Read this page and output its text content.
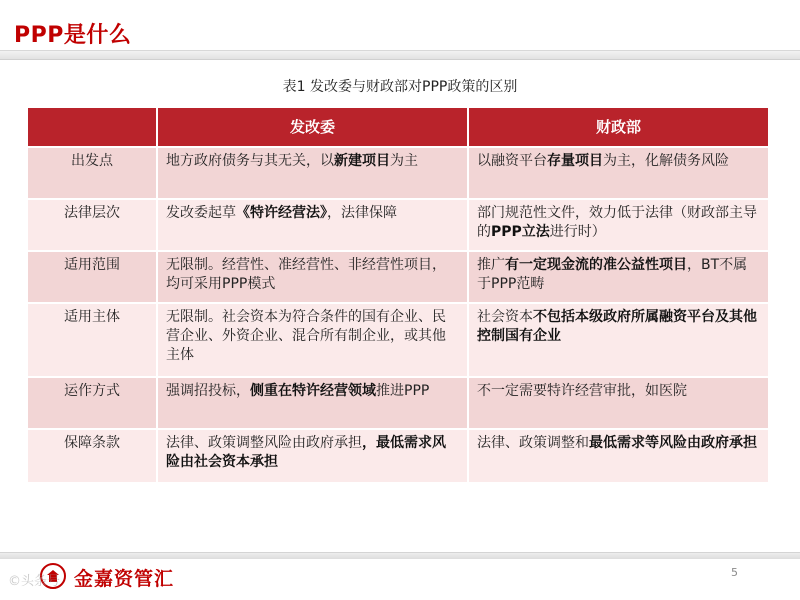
PPP是什么
表1 发改委与财政部对PPP政策的区别
	发改委	财政部
出发点	地方政府债务与其无关，以新建项目为主	以融资平台存量项目为主，化解债务风险
法律层次	发改委起草《特许经营法》，法律保障	部门规范性文件，效力低于法律（财政部主导的PPP立法进行时）
适用范围	无限制。经营性、准经营性、非经营性项目，均可采用PPP模式	推广有一定现金流的准公益性项目，BT不属于PPP范畴
适用主体	无限制。社会资本为符合条件的国有企业、民营企业、外资企业、混合所有制企业，或其他主体	社会资本不包括本级政府所属融资平台及其他控制国有企业
运作方式	强调招投标，侧重在特许经营领域推进PPP	不一定需要特许经营审批，如医院
保障条款	法律、政策调整风险由政府承担，最低需求风险由社会资本承担	法律、政策调整和最低需求等风险由政府承担
金嘉资管汇
©头条号
5
